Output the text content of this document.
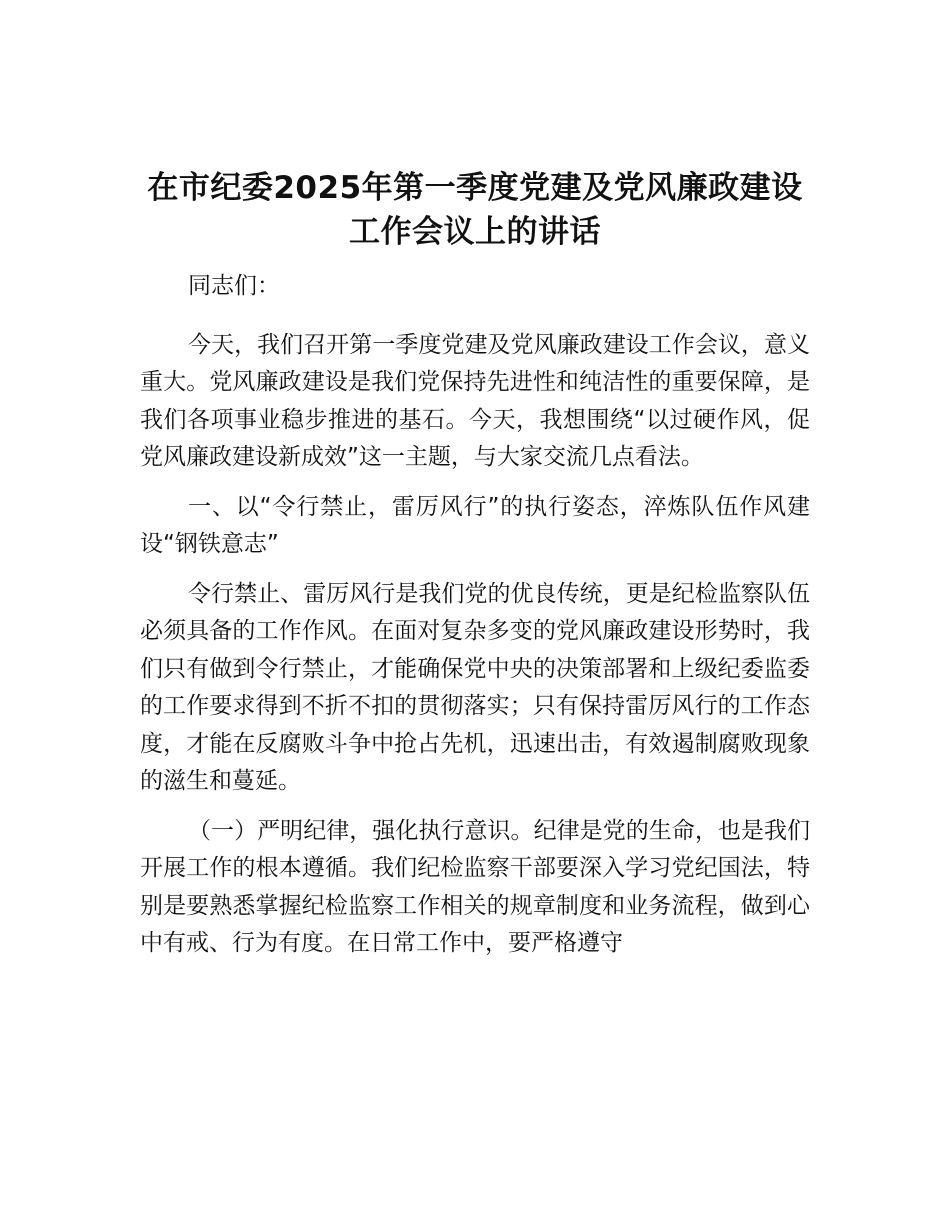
在市纪委2025年第一季度党建及党风廉政建设工作会议上的讲话

同志们：

今天，我们召开第一季度党建及党风廉政建设工作会议，意义重大。党风廉政建设是我们党保持先进性和纯洁性的重要保障，是我们各项事业稳步推进的基石。今天，我想围绕“以过硬作风，促党风廉政建设新成效”这一主题，与大家交流几点看法。

一、以“令行禁止，雷厉风行”的执行姿态，淬炼队伍作风建设“钢铁意志”

令行禁止、雷厉风行是我们党的优良传统，更是纪检监察队伍必须具备的工作作风。在面对复杂多变的党风廉政建设形势时，我们只有做到令行禁止，才能确保党中央的决策部署和上级纪委监委的工作要求得到不折不扣的贯彻落实；只有保持雷厉风行的工作态度，才能在反腐败斗争中抢占先机，迅速出击，有效遏制腐败现象的滋生和蔓延。

（一）严明纪律，强化执行意识。纪律是党的生命，也是我们开展工作的根本遵循。我们纪检监察干部要深入学习党纪国法，特别是要熟悉掌握纪检监察工作相关的规章制度和业务流程，做到心中有戒、行为有度。在日常工作中，要严格遵守
